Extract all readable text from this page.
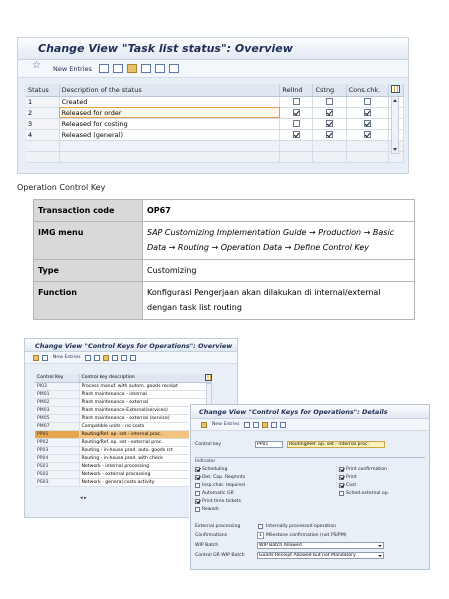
Change View "Task list status": Overview
☆
New Entries
Status	Description of the status	RelInd	Cstng	Cons.chk.	
1	Created				
2	Released for order				
3	Released for costing				
4	Released (general)				

Operation Control Key
Transaction code	OP67
IMG menu	SAP Customizing Implementation Guide → Production → Basic Data → Routing → Operation Data → Define Control Key
Type	Customizing
Function	Konfigurasi Pengerjaan akan dilakukan di internal/external dengan task list routing
Change View "Control Keys for Operations": Overview
New Entries
Control Key	Control key description
PI03	Process manuf. with autom. goods receipt
PM01	Plant maintenance - internal
PM02	Plant maintenance - external
PM03	Plant maintenance-External(services)
PM05	Plant maintenance - external (service)
PM07	Compatible units - no costs
PP01	Routing/Ref. op. set - internal proc.
PP02	Routing/Ref. op. set - external proc.
PP03	Routing - in-house prod. auto. goods rct
PP04	Routing - in-house prod. with check
PS01	Network - internal processing
PS02	Network - external processing
PS03	Network - general costs activity
◂ ▸
Change View "Control Keys for Operations": Details
New Entries
Control key	PP01	Routing/Ref. op. set - internal proc.
Indicator
Scheduling
Det. Cap. Reqmnts
Insp.char. required
Automatic GR
Print time tickets
Rework
Print confirmation
Print
Cost
Sched.external op.
External processing	Internally processed operation
Confirmations	1 Milestone confirmation (not PS/PM)
WIP Batch	WIP Batch Allowed
Control GR WIP Batch	Goods Receipt Allowed but not Mandatory
